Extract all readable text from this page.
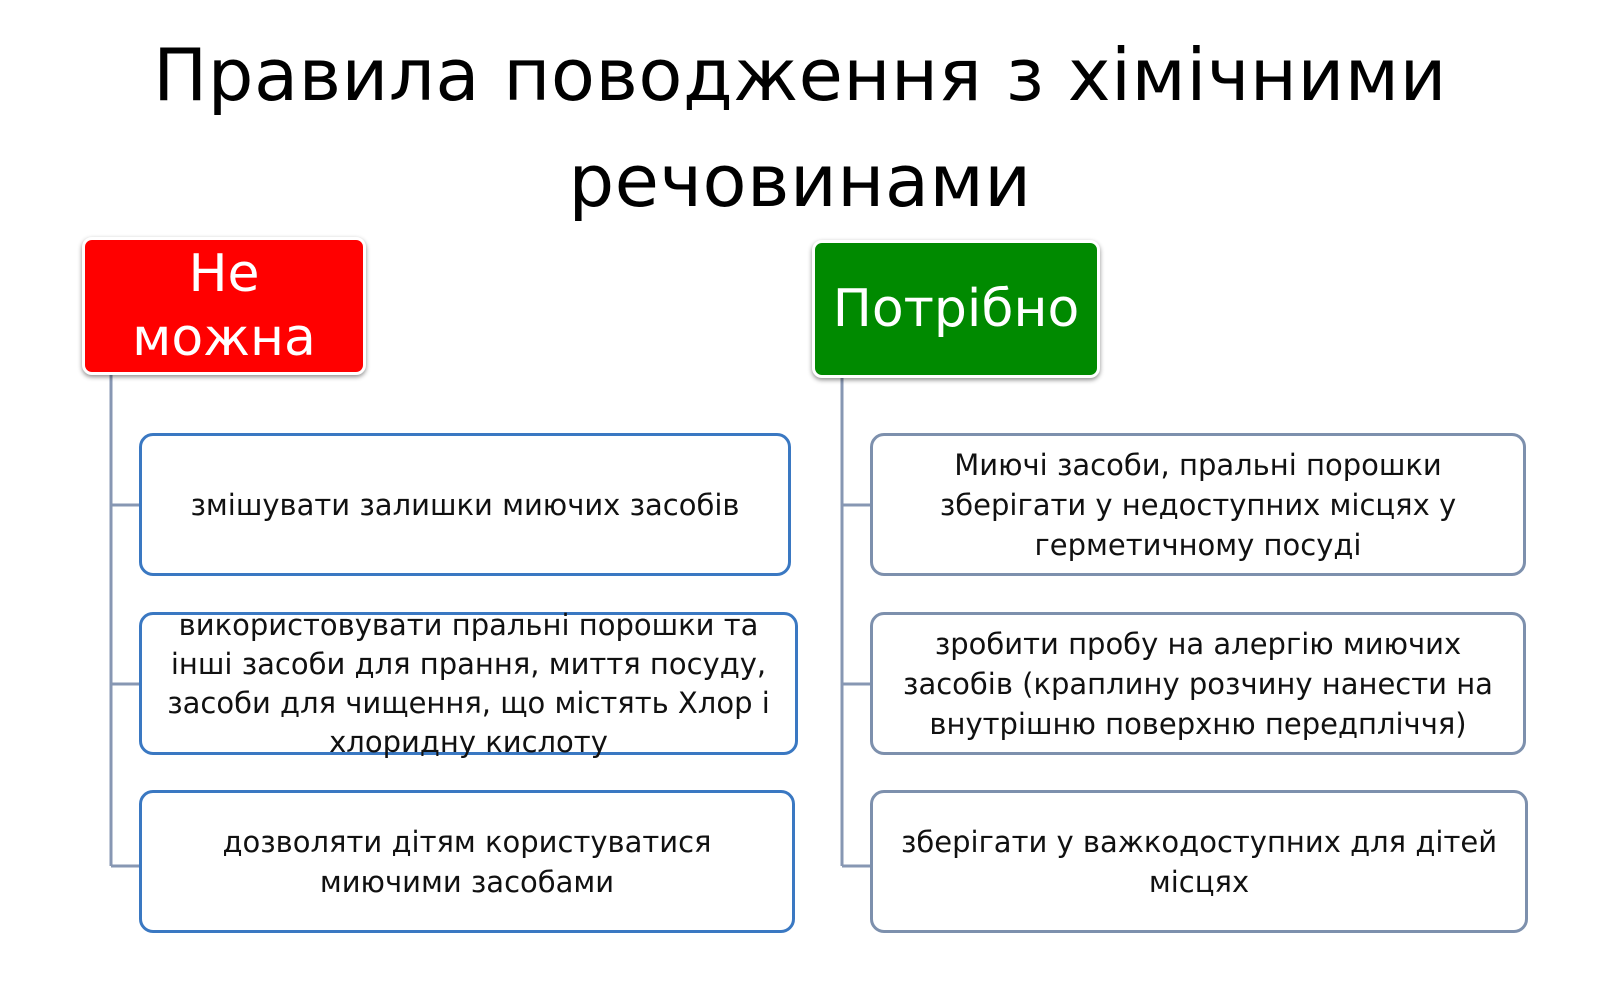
Правила поводження з хімічними
речовинами
Не можна	Потрібно
змішувати залишки миючих засобів
використовувати пральні порошки та інші засоби для прання, миття посуду, засоби для чищення, що містять Хлор і хлоридну кислоту
дозволяти дітям користуватися миючими засобами
Миючі засоби, пральні порошки зберігати у недоступних місцях у герметичному посуді
зробити пробу на алергію миючих засобів (краплину розчину нанести на внутрішню поверхню передпліччя)
зберігати у важкодоступних для дітей місцях
